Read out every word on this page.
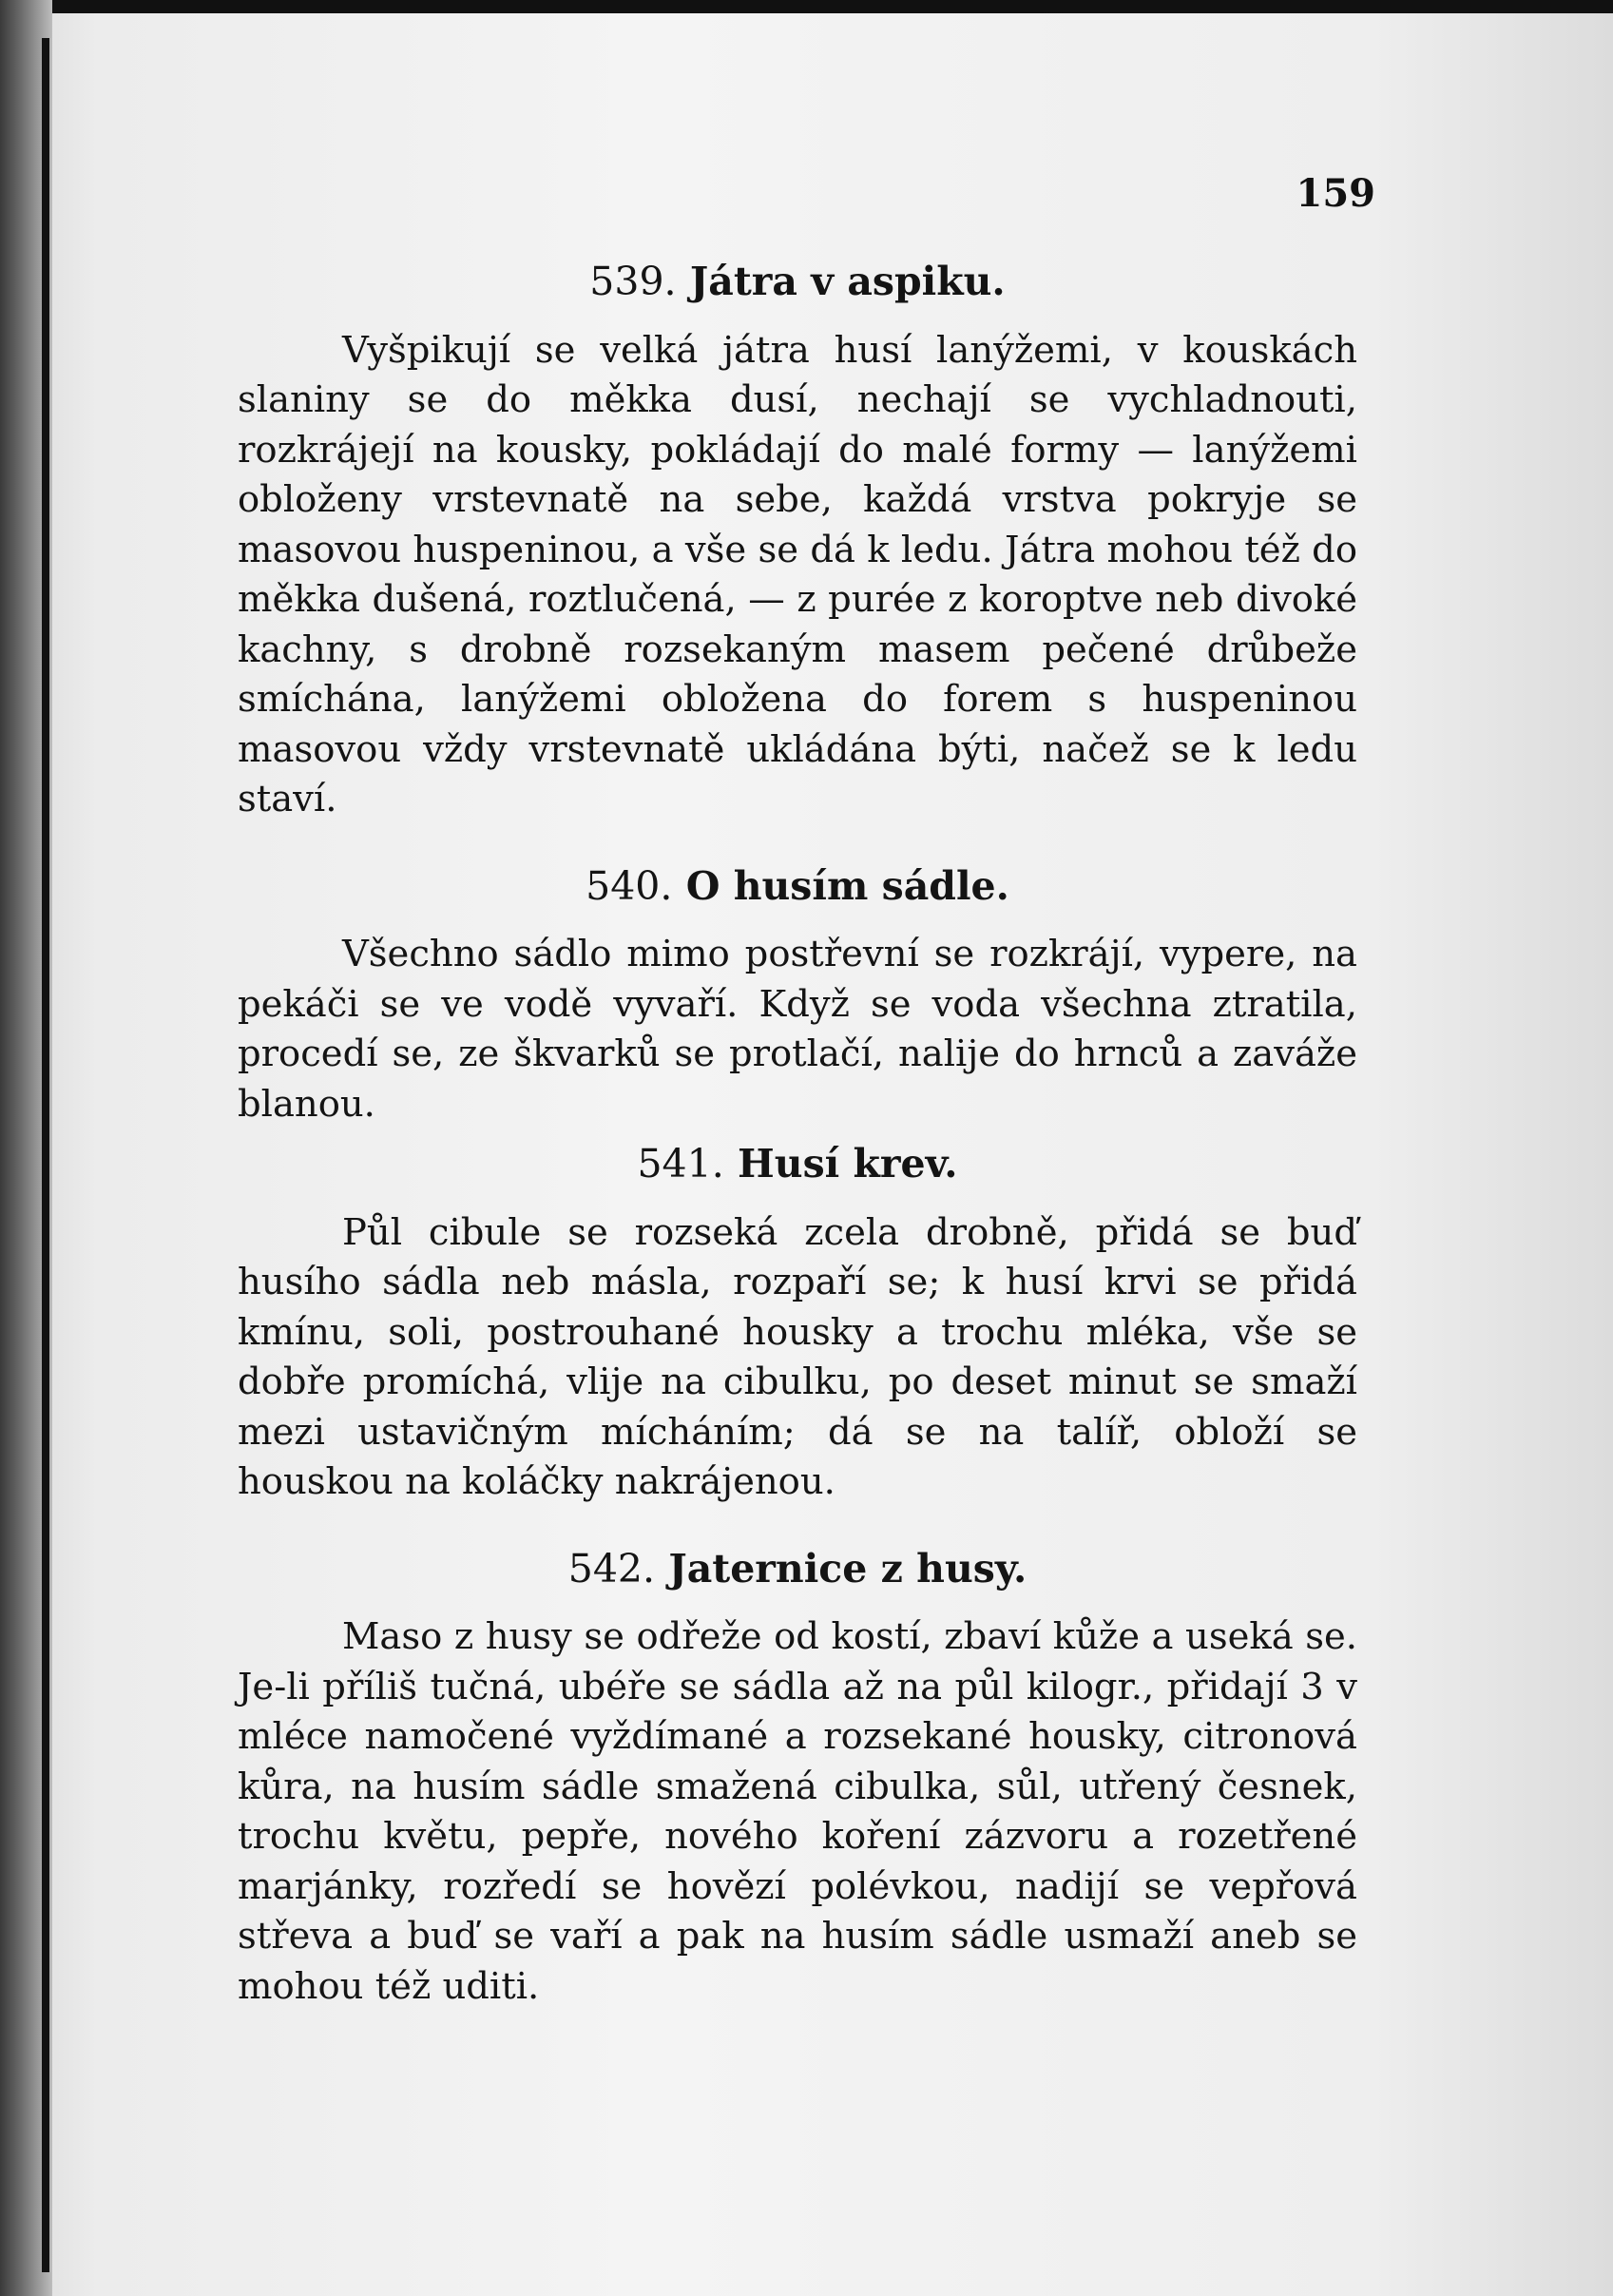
159
539. Játra v aspiku.

Vyšpikují se velká játra husí lanýžemi, v kouskách slaniny se do měkka dusí, nechají se vychladnouti, rozkrájejí na kousky, pokládají do malé formy — lanýžemi obloženy vrstevnatě na sebe, každá vrstva pokryje se masovou huspeninou, a vše se dá k ledu. Játra mohou též do měkka dušená, roztlučená, — z purée z koroptve neb divoké kachny, s drobně rozsekaným masem pečené drůbeže smíchána, lanýžemi obložena do forem s huspeninou masovou vždy vrstevnatě ukládána býti, načež se k ledu staví.

540. O husím sádle.

Všechno sádlo mimo postřevní se rozkrájí, vypere, na pekáči se ve vodě vyvaří. Když se voda všechna ztratila, procedí se, ze škvarků se protlačí, nalije do hrnců a zaváže blanou.

541. Husí krev.

Půl cibule se rozseká zcela drobně, přidá se buď husího sádla neb másla, rozpaří se; k husí krvi se přidá kmínu, soli, postrouhané housky a trochu mléka, vše se dobře promíchá, vlije na cibulku, po deset minut se smaží mezi ustavičným mícháním; dá se na talíř, obloží se houskou na koláčky nakrájenou.

542. Jaternice z husy.

Maso z husy se odřeže od kostí, zbaví kůže a useká se. Je-li příliš tučná, ubéře se sádla až na půl kilogr., přidají 3 v mléce namočené vyždímané a rozsekané housky, citronová kůra, na husím sádle smažená cibulka, sůl, utřený česnek, trochu květu, pepře, nového koření zázvoru a rozetřené marjánky, rozředí se hovězí polévkou, nadijí se vepřová střeva a buď se vaří a pak na husím sádle usmaží aneb se mohou též uditi.
